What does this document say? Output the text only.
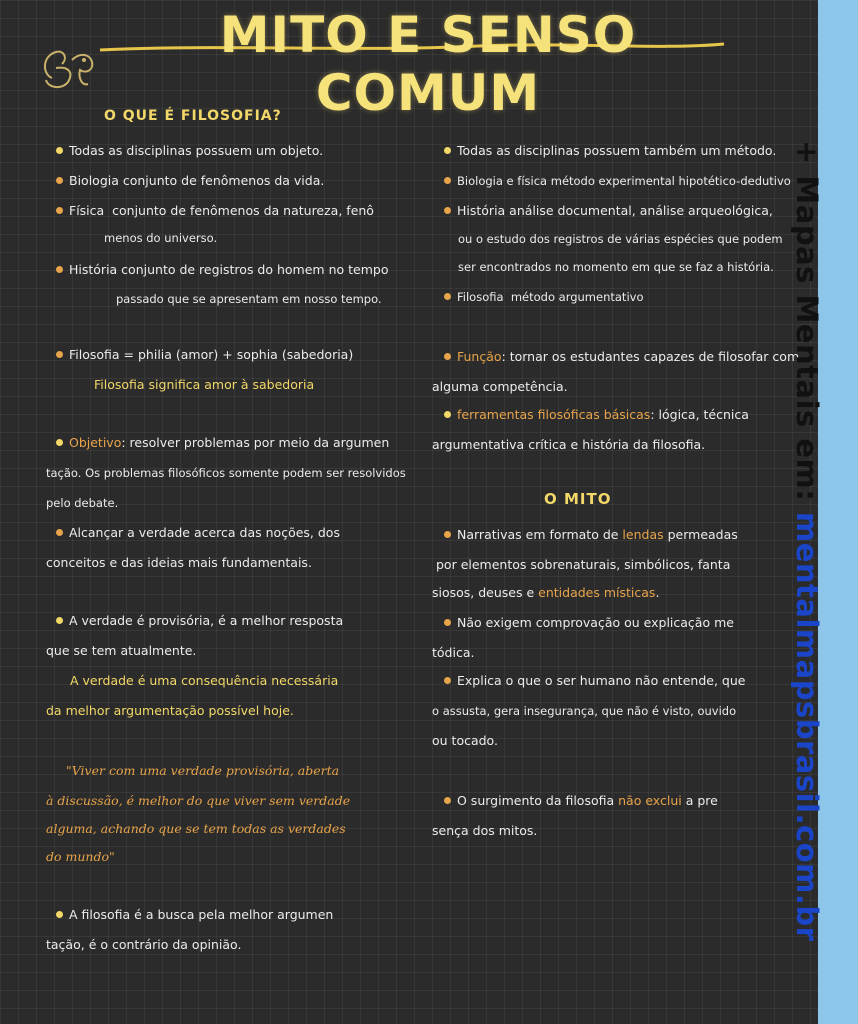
MITO E SENSO COMUM
O QUE É FILOSOFIA?
Todas as disciplinas possuem um objeto.
Biologia conjunto de fenômenos da vida.
Física  conjunto de fenômenos da natureza, fenô
menos do universo.
História conjunto de registros do homem no tempo
passado que se apresentam em nosso tempo.
Filosofia = philia (amor) + sophia (sabedoria)
Filosofia significa amor à sabedoria
Objetivo: resolver problemas por meio da argumen
tação. Os problemas filosóficos somente podem ser resolvidos
pelo debate.
Alcançar a verdade acerca das noções, dos
conceitos e das ideias mais fundamentais.
A verdade é provisória, é a melhor resposta
que se tem atualmente.
A verdade é uma consequência necessária
da melhor argumentação possível hoje.
"Viver com uma verdade provisória, aberta
à discussão, é melhor do que viver sem verdade
alguma, achando que se tem todas as verdades
do mundo"
A filosofia é a busca pela melhor argumen
tação, é o contrário da opinião.
Todas as disciplinas possuem também um método.
Biologia e física método experimental hipotético-dedutivo
História análise documental, análise arqueológica,
ou o estudo dos registros de várias espécies que podem
ser encontrados no momento em que se faz a história.
Filosofia  método argumentativo
Função: tornar os estudantes capazes de filosofar com
alguma competência.
ferramentas filosóficas básicas: lógica, técnica
argumentativa crítica e história da filosofia.
O MITO
Narrativas em formato de lendas permeadas
por elementos sobrenaturais, simbólicos, fanta
siosos, deuses e entidades místicas.
Não exigem comprovação ou explicação me
tódica.
Explica o que o ser humano não entende, que
o assusta, gera insegurança, que não é visto, ouvido
ou tocado.
O surgimento da filosofia não exclui a pre
sença dos mitos.
+ Mapas Mentais em: mentalmapsbrasil.com.br
